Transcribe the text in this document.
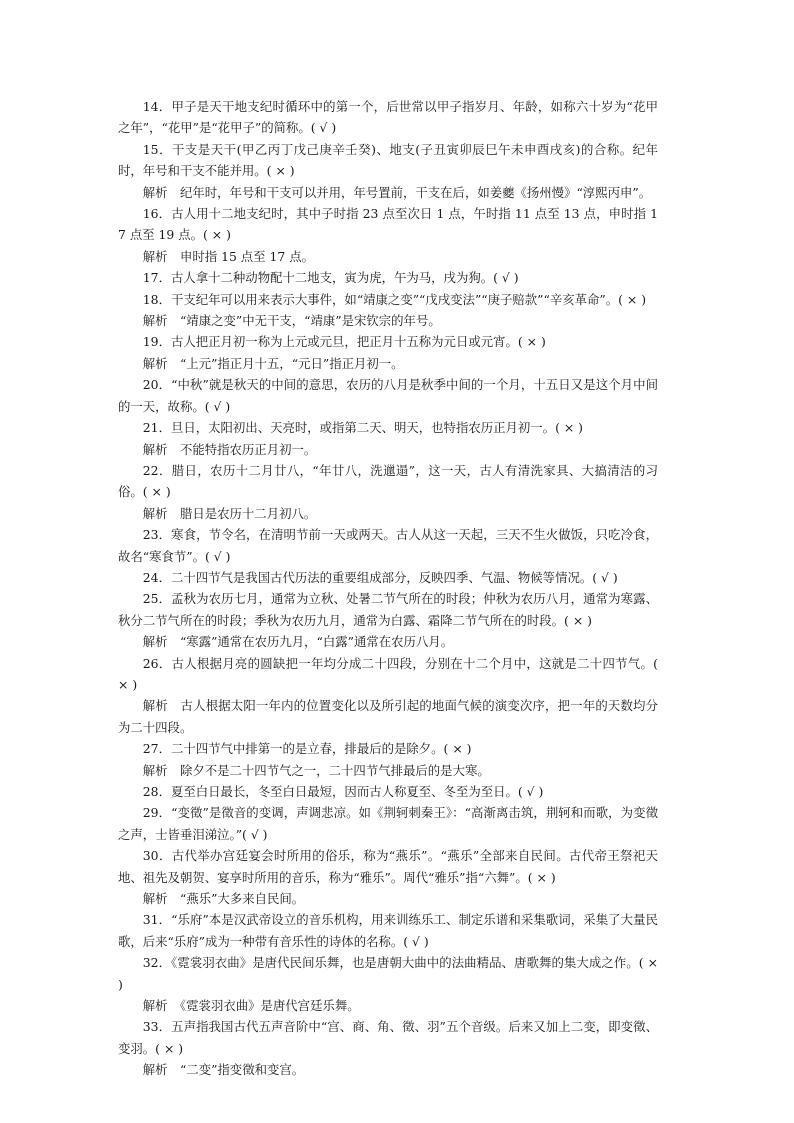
14．甲子是天干地支纪时循环中的第一个，后世常以甲子指岁月、年龄，如称六十岁为“花甲之年”，“花甲”是“花甲子”的简称。( √ )

15．干支是天干(甲乙丙丁戊己庚辛壬癸)、地支(子丑寅卯辰巳午未申酉戌亥)的合称。纪年时，年号和干支不能并用。( × )

解析　纪年时，年号和干支可以并用，年号置前，干支在后，如姜夔《扬州慢》“淳熙丙申”。

16．古人用十二地支纪时，其中子时指 23 点至次日 1 点，午时指 11 点至 13 点，申时指 17 点至 19 点。( × )

解析　申时指 15 点至 17 点。

17．古人拿十二种动物配十二地支，寅为虎，午为马，戌为狗。( √ )

18．干支纪年可以用来表示大事件，如“靖康之变”“戊戌变法”“庚子赔款”“辛亥革命”。( × )

解析　“靖康之变”中无干支，“靖康”是宋钦宗的年号。

19．古人把正月初一称为上元或元旦，把正月十五称为元日或元宵。( × )

解析　“上元”指正月十五，“元日”指正月初一。

20．“中秋”就是秋天的中间的意思，农历的八月是秋季中间的一个月，十五日又是这个月中间的一天，故称。( √ )

21．旦日，太阳初出、天亮时，或指第二天、明天，也特指农历正月初一。( × )

解析　不能特指农历正月初一。

22．腊日，农历十二月廿八，“年廿八，洗邋遢”，这一天，古人有清洗家具、大搞清洁的习俗。( × )

解析　腊日是农历十二月初八。

23．寒食，节令名，在清明节前一天或两天。古人从这一天起，三天不生火做饭，只吃冷食，故名“寒食节”。( √ )

24．二十四节气是我国古代历法的重要组成部分，反映四季、气温、物候等情况。( √ )

25．孟秋为农历七月，通常为立秋、处暑二节气所在的时段；仲秋为农历八月，通常为寒露、秋分二节气所在的时段；季秋为农历九月，通常为白露、霜降二节气所在的时段。( × )

解析　“寒露”通常在农历九月，“白露”通常在农历八月。

26．古人根据月亮的圆缺把一年均分成二十四段，分别在十二个月中，这就是二十四节气。( × )

解析　古人根据太阳一年内的位置变化以及所引起的地面气候的演变次序，把一年的天数均分为二十四段。

27．二十四节气中排第一的是立春，排最后的是除夕。( × )

解析　除夕不是二十四节气之一，二十四节气排最后的是大寒。

28．夏至白日最长，冬至白日最短，因而古人称夏至、冬至为至日。( √ )

29．“变徵”是徵音的变调，声调悲凉。如《荆轲刺秦王》：“高渐离击筑，荆轲和而歌，为变徵之声，士皆垂泪涕泣。”( √ )

30．古代举办宫廷宴会时所用的俗乐，称为“燕乐”。“燕乐”全部来自民间。古代帝王祭祀天地、祖先及朝贺、宴享时所用的音乐，称为“雅乐”。周代“雅乐”指“六舞”。( × )

解析　“燕乐”大多来自民间。

31．“乐府”本是汉武帝设立的音乐机构，用来训练乐工、制定乐谱和采集歌词，采集了大量民歌，后来“乐府”成为一种带有音乐性的诗体的名称。( √ )

32．《霓裳羽衣曲》是唐代民间乐舞，也是唐朝大曲中的法曲精品、唐歌舞的集大成之作。( × )

解析　《霓裳羽衣曲》是唐代宫廷乐舞。

33．五声指我国古代五声音阶中“宫、商、角、徵、羽”五个音级。后来又加上二变，即变徵、变羽。( × )

解析　“二变”指变徵和变宫。
